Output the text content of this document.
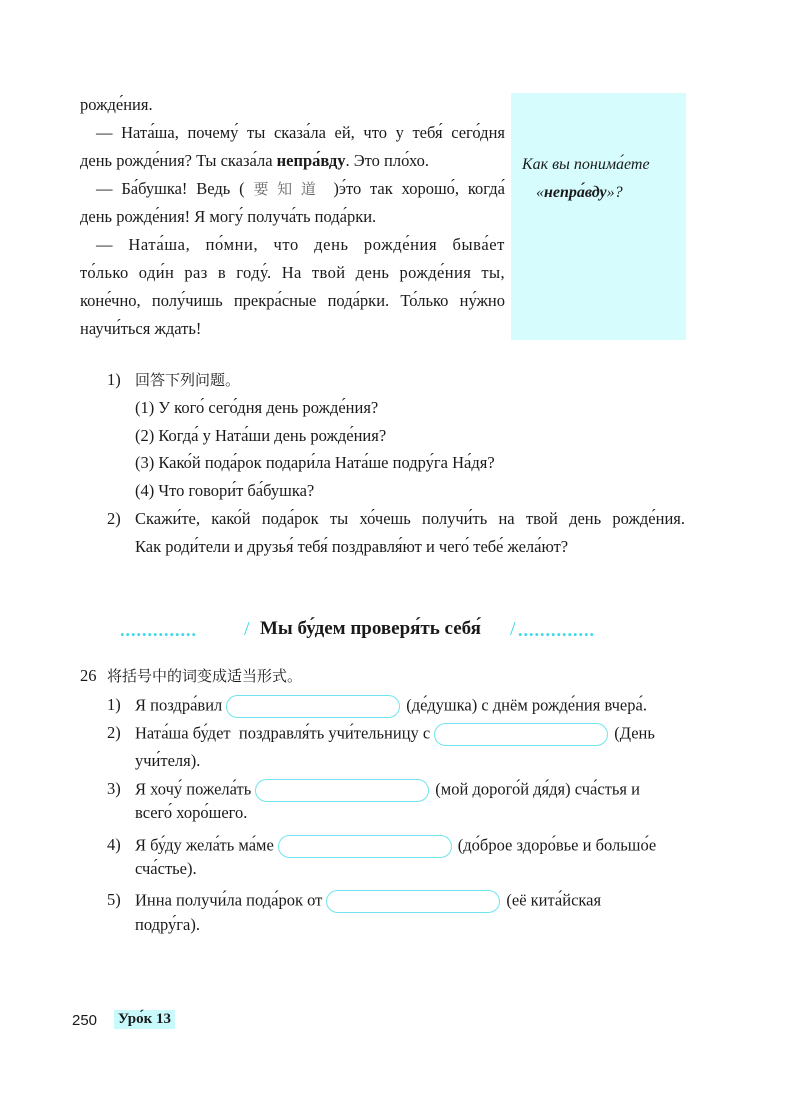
рожде́ния.
— Ната́ша, почему́ ты сказа́ла ей, что у тебя́ сего́дня
день рожде́ния? Ты сказа́ла непра́вду. Это пло́хо.
— Ба́бушка! Ведь ( 要知道 )э́то так хорошо́, когда́
день рожде́ния! Я могу́ получа́ть пода́рки.
— Ната́ша, по́мни, что день рожде́ния быва́ет
то́лько оди́н раз в году́. На твой день рожде́ния ты,
коне́чно, полу́чишь прекра́сные пода́рки. То́лько ну́жно
научи́ться ждать!
Как вы понима́ете
«непра́вду»?
1) 回答下列问题。
(1) У кого́ сего́дня день рожде́ния?
(2) Когда́ у Ната́ши день рожде́ния?
(3) Како́й пода́рок подари́ла Ната́ше подру́га На́дя?
(4) Что говори́т ба́бушка?
2) Скажи́те, како́й пода́рок ты хо́чешь получи́ть на твой день рожде́ния.
Как роди́тели и друзья́ тебя́ поздравля́ют и чего́ тебе́ жела́ют?
.............. / Мы бу́дем проверя́ть себя́ / ..............
26 将括号中的词变成适当形式。
1) Я поздра́вил	(де́душка) с днём рожде́ния вчера́.
2) Ната́ша бу́дет  поздравля́ть учи́тельницу с	(День
учи́теля).
3) Я хочу́ пожела́ть	(мой дорого́й дя́дя) сча́стья и
всего́ хоро́шего.
4) Я бу́ду жела́ть ма́ме	(до́брое здоро́вье и большо́е
сча́стье).
5) Инна получи́ла пода́рок от	(её кита́йская
подру́га).
250 Уро́к 13
